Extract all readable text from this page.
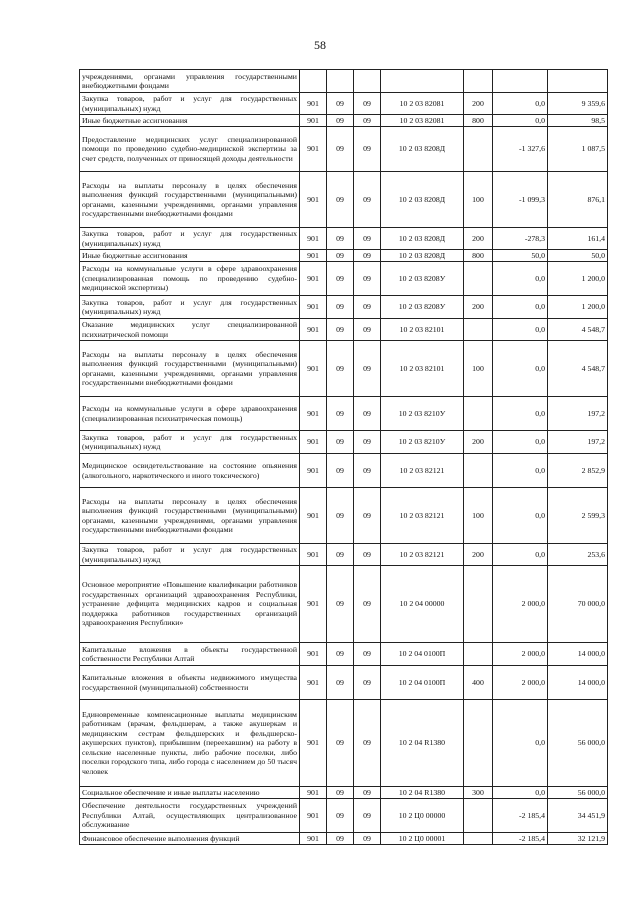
58
учреждениями, органами управления государственными внебюджетными фондами							
Закупка товаров, работ и услуг для государственных (муниципальных) нужд	901	09	09	10 2 03 82081	200	0,0	9 359,6
Иные бюджетные ассигнования	901	09	09	10 2 03 82081	800	0,0	98,5
Предоставление медицинских услуг специализированной помощи по проведению судебно-медицинской экспертизы за счет средств, полученных от приносящей доходы деятельности	901	09	09	10 2 03 8208Д		-1 327,6	1 087,5
Расходы на выплаты персоналу в целях обеспечения выполнения функций государственными (муниципальными) органами, казенными учреждениями, органами управления государственными внебюджетными фондами	901	09	09	10 2 03 8208Д	100	-1 099,3	876,1
Закупка товаров, работ и услуг для государственных (муниципальных) нужд	901	09	09	10 2 03 8208Д	200	-278,3	161,4
Иные бюджетные ассигнования	901	09	09	10 2 03 8208Д	800	50,0	50,0
Расходы на коммунальные услуги в сфере здравоохранения (специализированная помощь по проведению судебно-медицинской экспертизы)	901	09	09	10 2 03 8208У		0,0	1 200,0
Закупка товаров, работ и услуг для государственных (муниципальных) нужд	901	09	09	10 2 03 8208У	200	0,0	1 200,0
Оказание медицинских услуг специализированной психиатрической помощи	901	09	09	10 2 03 82101		0,0	4 548,7
Расходы на выплаты персоналу в целях обеспечения выполнения функций государственными (муниципальными) органами, казенными учреждениями, органами управления государственными внебюджетными фондами	901	09	09	10 2 03 82101	100	0,0	4 548,7
Расходы на коммунальные услуги в сфере здравоохранения (специализированная психиатрическая помощь)	901	09	09	10 2 03 8210У		0,0	197,2
Закупка товаров, работ и услуг для государственных (муниципальных) нужд	901	09	09	10 2 03 8210У	200	0,0	197,2
Медицинское освидетельствование на состояние опьянения (алкогольного, наркотического и иного токсического)	901	09	09	10 2 03 82121		0,0	2 852,9
Расходы на выплаты персоналу в целях обеспечения выполнения функций государственными (муниципальными) органами, казенными учреждениями, органами управления государственными внебюджетными фондами	901	09	09	10 2 03 82121	100	0,0	2 599,3
Закупка товаров, работ и услуг для государственных (муниципальных) нужд	901	09	09	10 2 03 82121	200	0,0	253,6
Основное мероприятие «Повышение квалификации работников государственных организаций здравоохранения Республики, устранение дефицита медицинских кадров и социальная поддержка работников государственных организаций здравоохранения Республики»	901	09	09	10 2 04 00000		2 000,0	70 000,0
Капитальные вложения в объекты государственной собственности Республики Алтай	901	09	09	10 2 04 0100П		2 000,0	14 000,0
Капитальные вложения в объекты недвижимого имущества государственной (муниципальной) собственности	901	09	09	10 2 04 0100П	400	2 000,0	14 000,0
Единовременные компенсационные выплаты медицинским работникам (врачам, фельдшерам, а также акушеркам и медицинским сестрам фельдшерских и фельдшерско-акушерских пунктов), прибывшим (переехавшим) на работу в сельские населенные пункты, либо рабочие поселки, либо поселки городского типа, либо города с населением до 50 тысяч человек	901	09	09	10 2 04 R1380		0,0	56 000,0
Социальное обеспечение и иные выплаты населению	901	09	09	10 2 04 R1380	300	0,0	56 000,0
Обеспечение деятельности государственных учреждений Республики Алтай, осуществляющих централизованное обслуживание	901	09	09	10 2 Ц0 00000		-2 185,4	34 451,9
Финансовое обеспечение выполнения функций	901	09	09	10 2 Ц0 00001		-2 185,4	32 121,9
